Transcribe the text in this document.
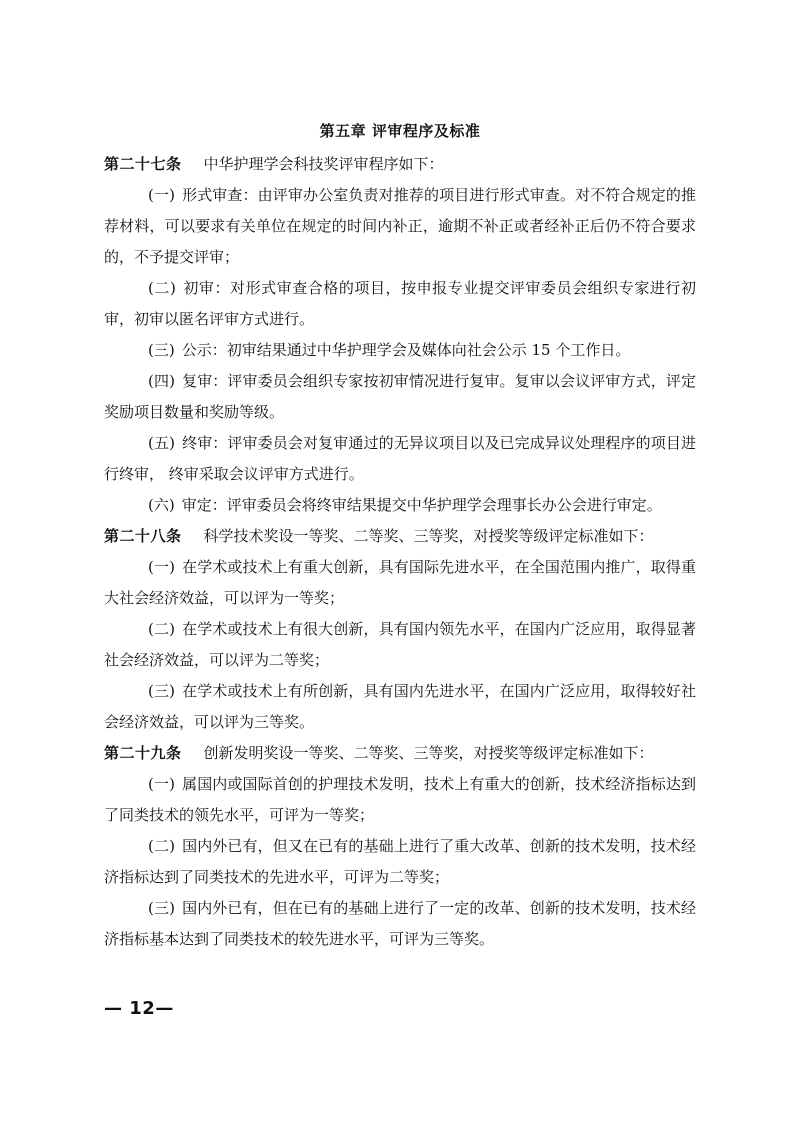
第五章 评审程序及标准
第二十七条 中华护理学会科技奖评审程序如下：

(一) 形式审查：由评审办公室负责对推荐的项目进行形式审查。对不符合规定的推荐材料，可以要求有关单位在规定的时间内补正，逾期不补正或者经补正后仍不符合要求的，不予提交评审；

(二) 初审：对形式审查合格的项目，按申报专业提交评审委员会组织专家进行初审，初审以匿名评审方式进行。

(三) 公示：初审结果通过中华护理学会及媒体向社会公示 15 个工作日。

(四) 复审：评审委员会组织专家按初审情况进行复审。复审以会议评审方式，评定奖励项目数量和奖励等级。

(五) 终审：评审委员会对复审通过的无异议项目以及已完成异议处理程序的项目进行终审， 终审采取会议评审方式进行。

(六) 审定：评审委员会将终审结果提交中华护理学会理事长办公会进行审定。

第二十八条 科学技术奖设一等奖、二等奖、三等奖，对授奖等级评定标准如下：

(一) 在学术或技术上有重大创新，具有国际先进水平，在全国范围内推广，取得重大社会经济效益，可以评为一等奖；

(二) 在学术或技术上有很大创新，具有国内领先水平，在国内广泛应用，取得显著社会经济效益，可以评为二等奖；

(三) 在学术或技术上有所创新，具有国内先进水平，在国内广泛应用，取得较好社会经济效益，可以评为三等奖。

第二十九条 创新发明奖设一等奖、二等奖、三等奖，对授奖等级评定标准如下：

(一) 属国内或国际首创的护理技术发明，技术上有重大的创新，技术经济指标达到了同类技术的领先水平，可评为一等奖；

(二) 国内外已有，但又在已有的基础上进行了重大改革、创新的技术发明，技术经济指标达到了同类技术的先进水平，可评为二等奖；

(三) 国内外已有，但在已有的基础上进行了一定的改革、创新的技术发明，技术经济指标基本达到了同类技术的较先进水平，可评为三等奖。

— 12—
